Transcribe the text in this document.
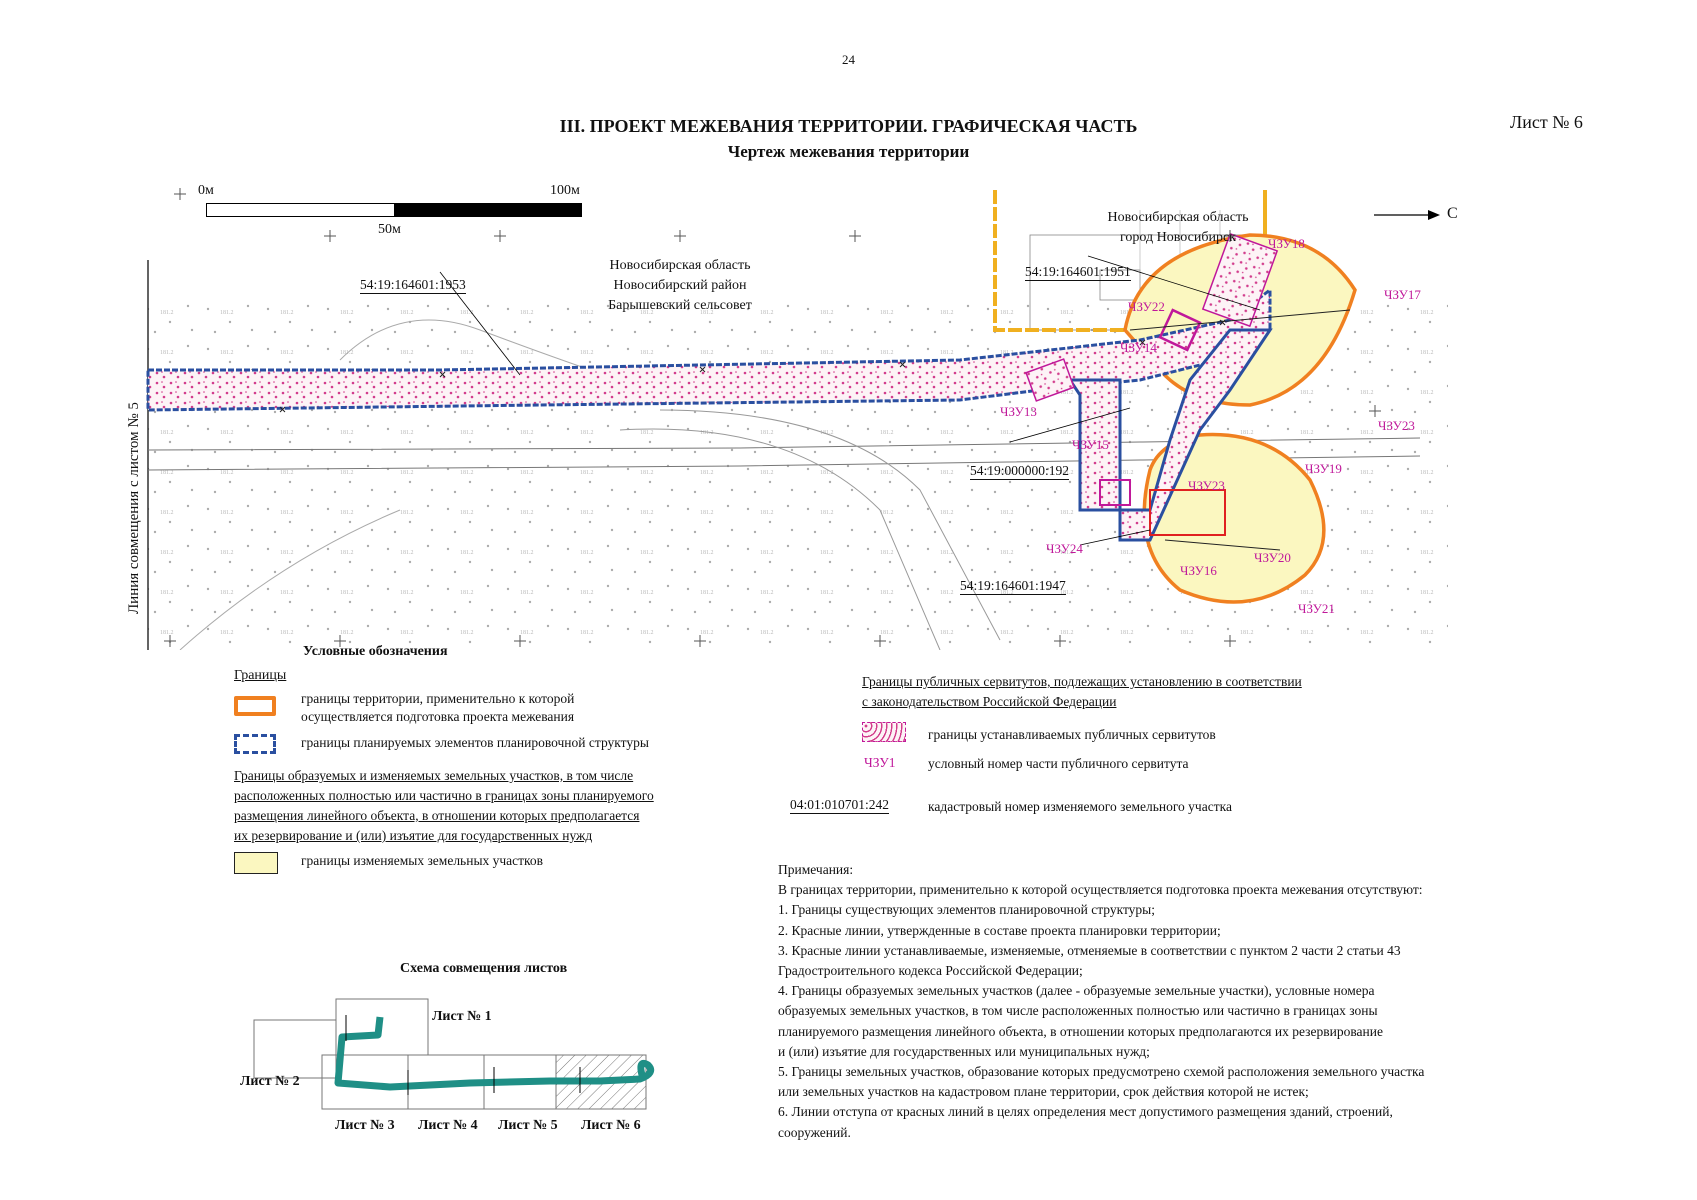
24
Лист № 6
III. ПРОЕКТ МЕЖЕВАНИЯ ТЕРРИТОРИИ. ГРАФИЧЕСКАЯ ЧАСТЬ
Чертеж межевания территории
0м	100м
50м
С
Новосибирская область
Новосибирский район
Барышевский сельсовет
Новосибирская область
город Новосибирск
Линия совмещения с листом № 5
54:19:164601:1953
54:19:164601:1951
54:19:000000:192
54:19:164601:1947
ЧЗУ18
ЧЗУ17
ЧЗУ22
ЧЗУ14
ЧЗУ13
ЧЗУ15
ЧЗУ23
ЧЗУ23
ЧЗУ19
ЧЗУ24
ЧЗУ16
ЧЗУ20
ЧЗУ21
Условные обозначения
Границы
границы территории, применительно к которой
осуществляется подготовка проекта межевания
границы планируемых элементов планировочной структуры
Границы образуемых и изменяемых земельных участков, в том числе
расположенных полностью или частично в границах зоны планируемого
размещения линейного объекта, в отношении которых предполагается
их резервирование и (или) изъятие для государственных нужд
границы изменяемых земельных участков
Границы публичных сервитутов, подлежащих установлению в соответствии
с законодательством Российской Федерации
границы устанавливаемых публичных сервитутов
ЧЗУ1 условный номер части публичного сервитута
04:01:010701:242	кадастровый номер изменяемого земельного участка
Примечания:
В границах территории, применительно к которой осуществляется подготовка проекта межевания отсутствуют:
1. Границы существующих элементов планировочной структуры;
2. Красные линии, утвержденные в составе проекта планировки территории;
3. Красные линии устанавливаемые, изменяемые, отменяемые в соответствии с пунктом 2 части 2 статьи 43
Градостроительного кодекса Российской Федерации;
4. Границы образуемых земельных участков (далее - образуемые земельные участки), условные номера
образуемых земельных участков, в том числе расположенных полностью или частично в границах зоны
планируемого размещения линейного объекта, в отношении которых предполагаются их резервирование
и (или) изъятие для государственных или муниципальных нужд;
5. Границы земельных участков, образование которых предусмотрено схемой расположения земельного участка
или земельных участков на кадастровом плане территории, срок действия которой не истек;
6. Линии отступа от красных линий в целях определения мест допустимого размещения зданий, строений,
сооружений.
Схема совмещения листов
Лист № 1
Лист № 2
Лист № 3 Лист № 4 Лист № 5 Лист № 6
